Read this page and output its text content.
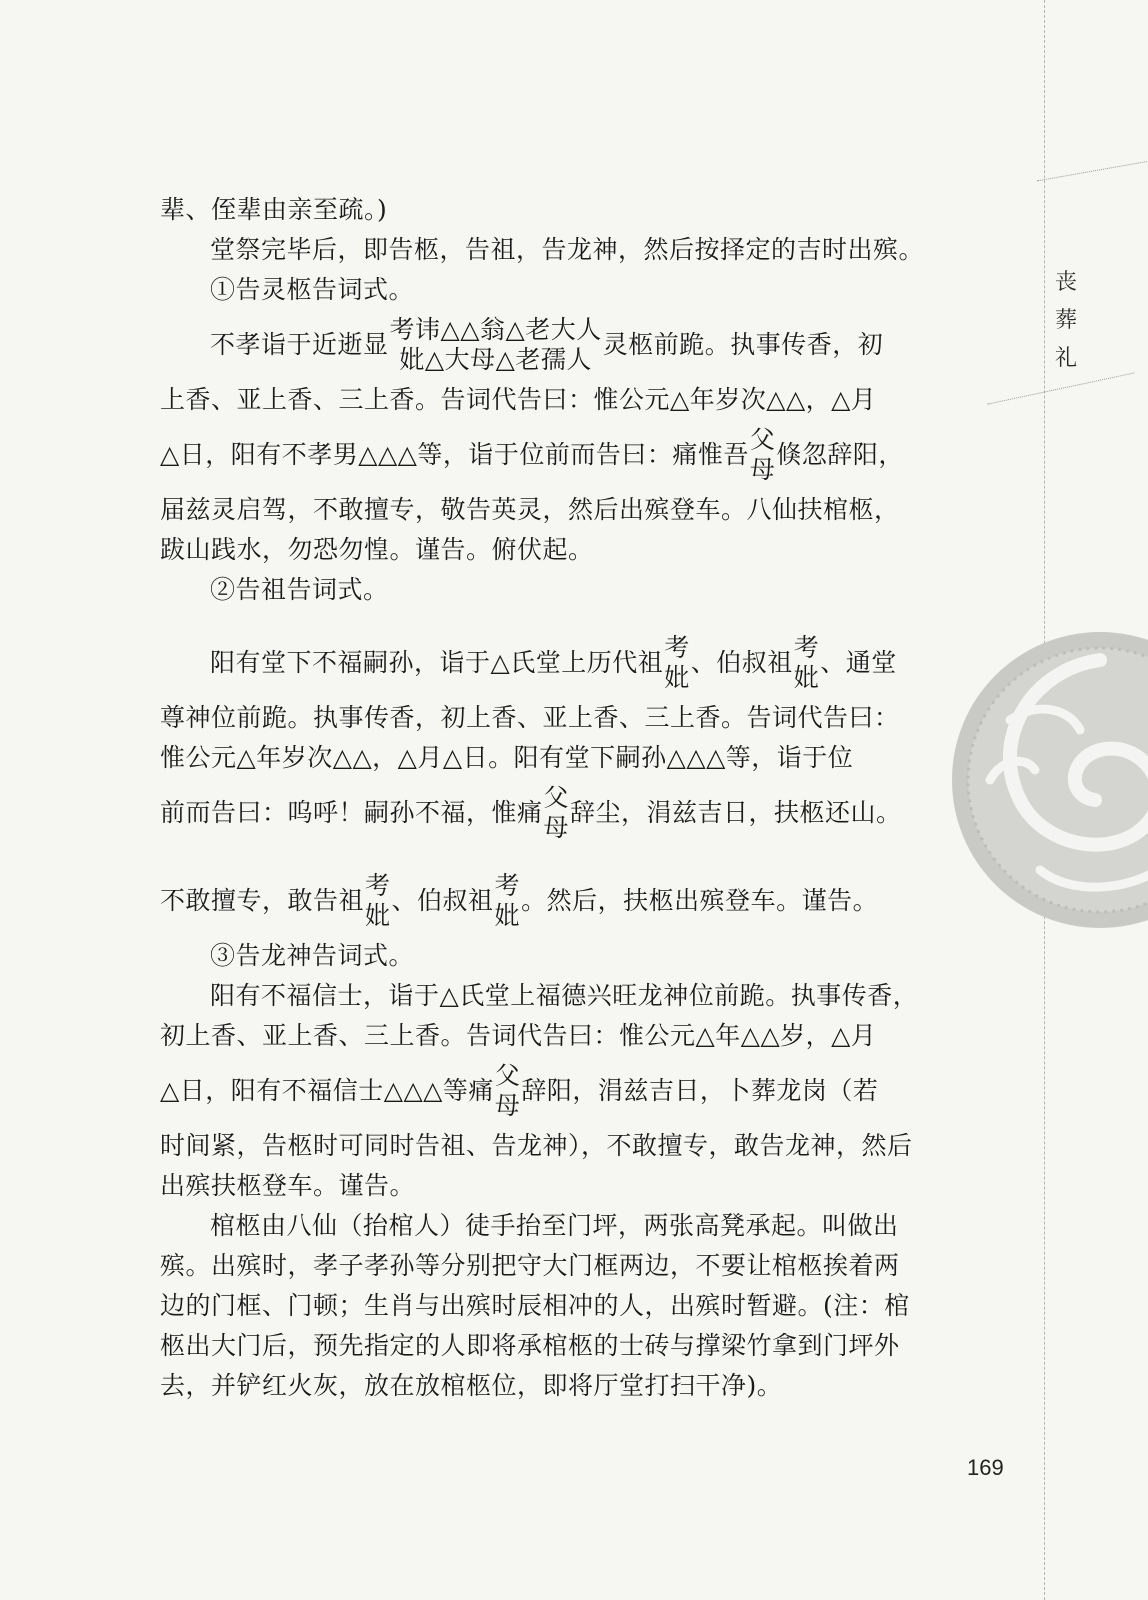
辈、侄辈由亲至疏。)
堂祭完毕后，即告柩，告祖，告龙神，然后按择定的吉时出殡。
①告灵柩告词式。
不孝诣于近逝显
考讳△△翁△老大人
妣△大母△老孺人
灵柩前跪。执事传香，初
上香、亚上香、三上香。告词代告曰：惟公元△年岁次△△，△月
△日，阳有不孝男△△△等，诣于位前而告曰：痛惟吾
父
母
倏忽辞阳，
届兹灵启驾，不敢擅专，敬告英灵，然后出殡登车。八仙扶棺柩，
跋山践水，勿恐勿惶。谨告。俯伏起。
②告祖告词式。
阳有堂下不福嗣孙，诣于△氏堂上历代祖
考
妣
、伯叔祖
考
妣
、通堂
尊神位前跪。执事传香，初上香、亚上香、三上香。告词代告曰：
惟公元△年岁次△△，△月△日。阳有堂下嗣孙△△△等，诣于位
前而告曰：呜呼！嗣孙不福，惟痛
父
母
辞尘，涓兹吉日，扶柩还山。
不敢擅专，敢告祖
考
妣
、伯叔祖
考
妣
。然后，扶柩出殡登车。谨告。
③告龙神告词式。
阳有不福信士，诣于△氏堂上福德兴旺龙神位前跪。执事传香，
初上香、亚上香、三上香。告词代告曰：惟公元△年△△岁，△月
△日，阳有不福信士△△△等痛
父
母
辞阳，涓兹吉日，卜葬龙岗（若
时间紧，告柩时可同时告祖、告龙神），不敢擅专，敢告龙神，然后
出殡扶柩登车。谨告。
棺柩由八仙（抬棺人）徒手抬至门坪，两张高凳承起。叫做出
殡。出殡时，孝子孝孙等分别把守大门框两边，不要让棺柩挨着两
边的门框、门顿；生肖与出殡时辰相冲的人，出殡时暂避。(注：棺
柩出大门后，预先指定的人即将承棺柩的士砖与撑梁竹拿到门坪外
去，并铲红火灰，放在放棺柩位，即将厅堂打扫干净)。
丧
葬
礼
169
